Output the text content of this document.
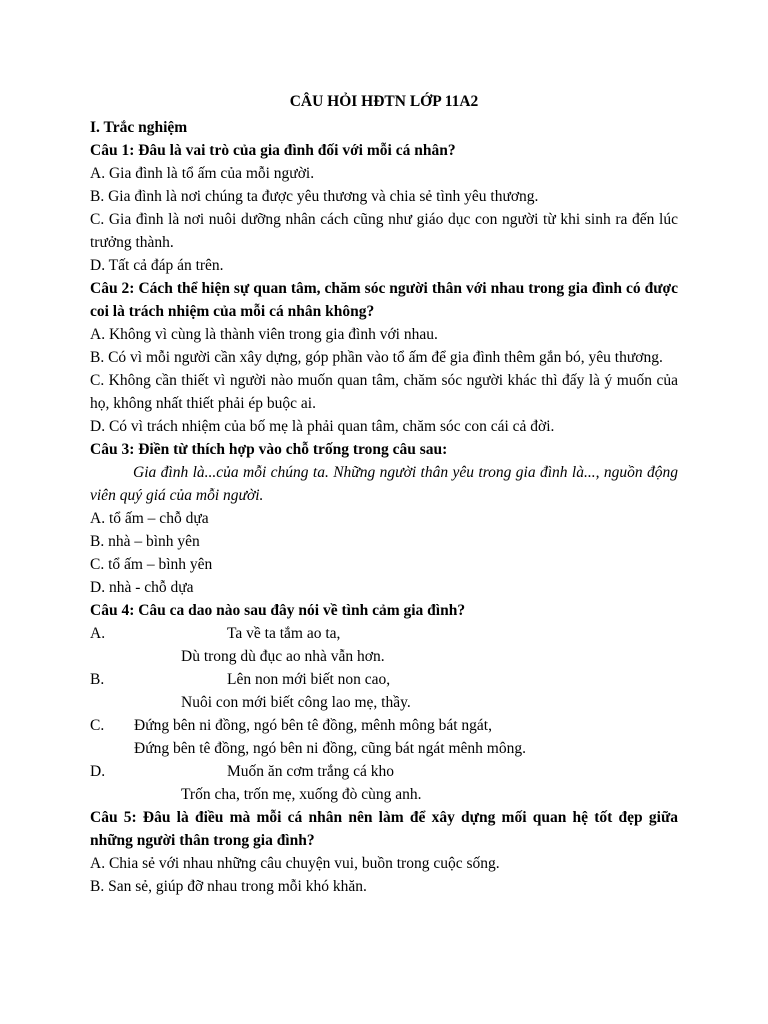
CÂU HỎI HĐTN LỚP 11A2
I. Trắc nghiệm
Câu 1: Đâu là vai trò của gia đình đối với mỗi cá nhân?
A. Gia đình là tổ ấm của mỗi người.
B. Gia đình là nơi chúng ta được yêu thương và chia sẻ tình yêu thương.
C. Gia đình là nơi nuôi dưỡng nhân cách cũng như giáo dục con người từ khi sinh ra đến lúc trưởng thành.
D. Tất cả đáp án trên.
Câu 2: Cách thể hiện sự quan tâm, chăm sóc người thân với nhau trong gia đình có được coi là trách nhiệm của mỗi cá nhân không?
A. Không vì cùng là thành viên trong gia đình với nhau.
B. Có vì mỗi người cần xây dựng, góp phần vào tổ ấm để gia đình thêm gắn bó, yêu thương.
C. Không cần thiết vì người nào muốn quan tâm, chăm sóc người khác thì đấy là ý muốn của họ, không nhất thiết phải ép buộc ai.
D. Có vì trách nhiệm của bố mẹ là phải quan tâm, chăm sóc con cái cả đời.
Câu 3: Điền từ thích hợp vào chỗ trống trong câu sau:
Gia đình là...của mỗi chúng ta. Những người thân yêu trong gia đình là..., nguồn động viên quý giá của mỗi người.
A. tổ ấm – chỗ dựa
B. nhà – bình yên
C. tổ ấm – bình yên
D. nhà - chỗ dựa
Câu 4: Câu ca dao nào sau đây nói về tình cảm gia đình?
A.	Ta về ta tắm ao ta,
Dù trong dù đục ao nhà vẫn hơn.
B.	Lên non mới biết non cao,
Nuôi con mới biết công lao mẹ, thầy.
C.	Đứng bên ni đồng, ngó bên tê đồng, mênh mông bát ngát,
Đứng bên tê đồng, ngó bên ni đồng, cũng bát ngát mênh mông.
D.	Muốn ăn cơm trắng cá kho
Trốn cha, trốn mẹ, xuống đò cùng anh.
Câu 5: Đâu là điều mà mỗi cá nhân nên làm để xây dựng mối quan hệ tốt đẹp giữa những người thân trong gia đình?
A. Chia sẻ với nhau những câu chuyện vui, buồn trong cuộc sống.
B. San sẻ, giúp đỡ nhau trong mỗi khó khăn.
